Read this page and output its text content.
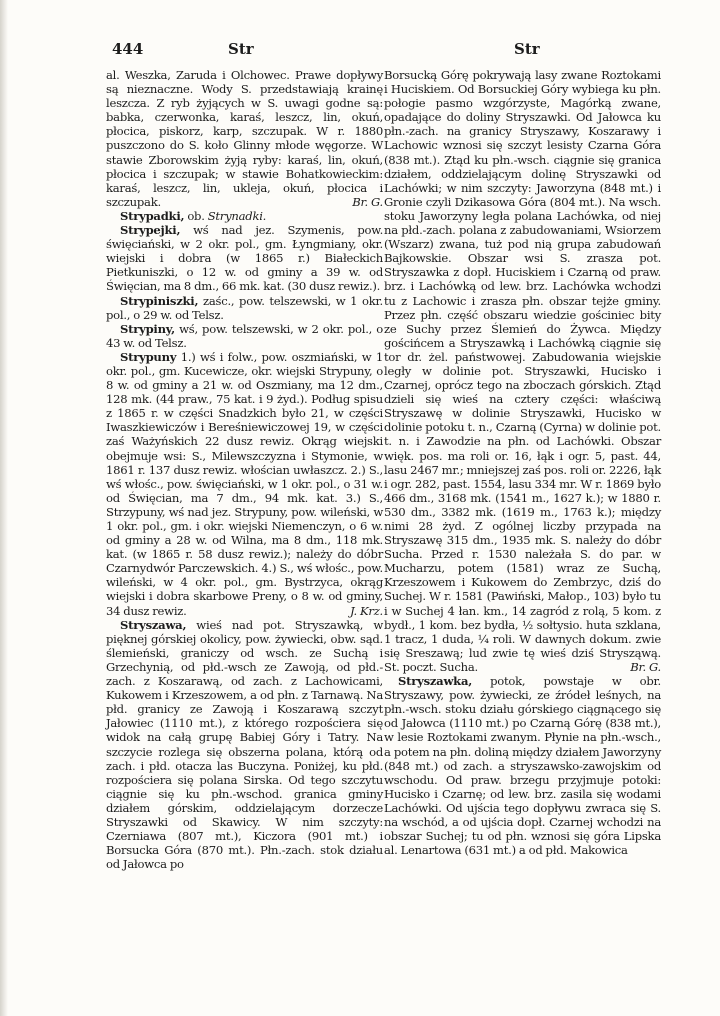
444	Str	Str

al. Weszka, Zaruda i Olchowec. Prawe dopływy są nieznaczne. Wody S. przedstawiają krainę leszcza. Z ryb żyjących w S. uwagi godne są: babka, czerwonka, karaś, leszcz, lin, okuń, płocica, piskorz, karp, szczupak. W r. 1880 puszczono do S. koło Glinny młode węgorze. W stawie Zborowskim żyją ryby: karaś, lin, okuń, płocica i szczupak; w stawie Bohatkowieckim: karaś, leszcz, lin, ukleja, okuń, płocica i szczupak.	Br. G.

Strypadki, ob. Strynadki.

Strypejki, wś nad jez. Szymenis, pow. święciański, w 2 okr. pol., gm. Łyngmiany, okr. wiejski i dobra (w 1865 r.) Białeckich Pietkuniszki, o 12 w. od gminy a 39 w. od Święcian, ma 8 dm., 66 mk. kat. (30 dusz rewiz.).

Strypiniszki, zaśc., pow. telszewski, w 1 okr. pol., o 29 w. od Telsz.

Strypiny, wś, pow. telszewski, w 2 okr. pol., o 43 w. od Telsz.

Strypuny 1.) wś i folw., pow. oszmiański, w 1 okr. pol., gm. Kucewicze, okr. wiejski Strypuny, o 8 w. od gminy a 21 w. od Oszmiany, ma 12 dm., 128 mk. (44 praw., 75 kat. i 9 żyd.). Podług spisu z 1865 r. w części Snadzkich było 21, w części Iwaszkiewiczów i Bereśniewiczowej 19, w części zaś Ważyńskich 22 dusz rewiz. Okrąg wiejski obejmuje wsi: S., Milewszczyzna i Stymonie, w 1861 r. 137 dusz rewiz. włościan uwłaszcz. 2.) S., wś włośc., pow. święciański, w 1 okr. pol., o 31 w. od Święcian, ma 7 dm., 94 mk. kat. 3.) S., Strzypuny, wś nad jez. Strypuny, pow. wileński, w 1 okr. pol., gm. i okr. wiejski Niemenczyn, o 6 w. od gminy a 28 w. od Wilna, ma 8 dm., 118 mk. kat. (w 1865 r. 58 dusz rewiz.); należy do dóbr Czarnydwór Parczewskich. 4.) S., wś włośc., pow. wileński, w 4 okr. pol., gm. Bystrzyca, okrąg wiejski i dobra skarbowe Preny, o 8 w. od gminy, 34 dusz rewiz.	J. Krz.

Stryszawa, wieś nad pot. Stryszawką, w pięknej górskiej okolicy, pow. żywiecki, obw. sąd. ślemieński, graniczy od wsch. ze Suchą i Grzechynią, od płd.-wsch ze Zawoją, od płd.-zach. z Koszarawą, od zach. z Lachowicami, Kukowem i Krzeszowem, a od płn. z Tarnawą. Na płd. granicy ze Zawoją i Koszarawą szczyt Jałowiec (1110 mt.), z którego rozpościera się widok na całą grupę Babiej Góry i Tatry. Na szczycie rozlega się obszerna polana, którą od zach. i płd. otacza las Buczyna. Poniżej, ku płd. rozpościera się polana Sirska. Od tego szczytu ciągnie się ku płn.-wschod. granica gminy działem górskim, oddzielającym dorzecze Stryszawki od Skawicy. W nim szczyty: Czerniawa (807 mt.), Kiczora (901 mt.) i Borsucka Góra (870 mt.). Płn.-zach. stok działu od Jałowca po

Borsucką Górę pokrywają lasy zwane Roztokami i Huciskiem. Od Borsuckiej Góry wybiega ku płn. połogie pasmo wzgórzyste, Magórką zwane, opadające do doliny Stryszawki. Od Jałowca ku płn.-zach. na granicy Stryszawy, Koszarawy i Lachowic wznosi się szczyt lesisty Czarna Góra (838 mt.). Ztąd ku płn.-wsch. ciągnie się granica działem, oddzielającym dolinę Stryszawki od Lachówki; w nim szczyty: Jaworzyna (848 mt.) i Gronie czyli Dzikasowa Góra (804 mt.). Na wsch. stoku Jaworzyny legła polana Lachówka, od niej na płd.-zach. polana z zabudowaniami, Wsiorzem (Wszarz) zwana, tuż pod nią grupa zabudowań Bajkowskie. Obszar wsi S. zrasza pot. Stryszawka z dopł. Huciskiem i Czarną od praw. brz. i Lachówką od lew. brz. Lachówka wchodzi tu z Lachowic i zrasza płn. obszar tejże gminy. Przez płn. część obszaru wiedzie gościniec bity ze Suchy przez Ślemień do Żywca. Między gościńcem a Stryszawką i Lachówką ciągnie się tor dr. żel. państwowej. Zabudowania wiejskie legły w dolinie pot. Stryszawki, Hucisko i Czarnej, oprócz tego na zboczach górskich. Ztąd dzieli się wieś na cztery części: właściwą Stryszawę w dolinie Stryszawki, Hucisko w dolinie potoku t. n., Czarną (Cyrna) w dolinie pot. t. n. i Zawodzie na płn. od Lachówki. Obszar więk. pos. ma roli or. 16, łąk i ogr. 5, past. 44, lasu 2467 mr.; mniejszej zaś pos. roli or. 2226, łąk i ogr. 282, past. 1554, lasu 334 mr. W r. 1869 było 466 dm., 3168 mk. (1541 m., 1627 k.); w 1880 r. 530 dm., 3382 mk. (1619 m., 1763 k.); między nimi 28 żyd. Z ogólnej liczby przypada na Stryszawę 315 dm., 1935 mk. S. należy do dóbr Sucha. Przed r. 1530 należała S. do par. w Mucharzu, potem (1581) wraz ze Suchą, Krzeszowem i Kukowem do Zembrzyc, dziś do Suchej. W r. 1581 (Pawiński, Małop., 103) było tu i w Suchej 4 łan. km., 14 zagród z rolą, 5 kom. z bydł., 1 kom. bez bydła, ½ sołtysio. huta szklana, 1 tracz, 1 duda, ¼ roli. W dawnych dokum. zwie się Sreszawą; lud zwie tę wieś dziś Strysząwą. St. poczt. Sucha.	Br. G.

Stryszawka, potok, powstaje w obr. Stryszawy, pow. żywiecki, ze źródeł leśnych, na płn.-wsch. stoku działu górskiego ciągnącego się od Jałowca (1110 mt.) po Czarną Górę (838 mt.), w lesie Roztokami zwanym. Płynie na płn.-wsch., a potem na płn. doliną między działem Jaworzyny (848 mt.) od zach. a stryszawsko-zawojskim od wschodu. Od praw. brzegu przyjmuje potoki: Hucisko i Czarnę; od lew. brz. zasila się wodami Lachówki. Od ujścia tego dopływu zwraca się S. na wschód, a od ujścia dopł. Czarnej wchodzi na obszar Suchej; tu od płn. wznosi się góra Lipska al. Lenartowa (631 mt.) a od płd. Makowica
